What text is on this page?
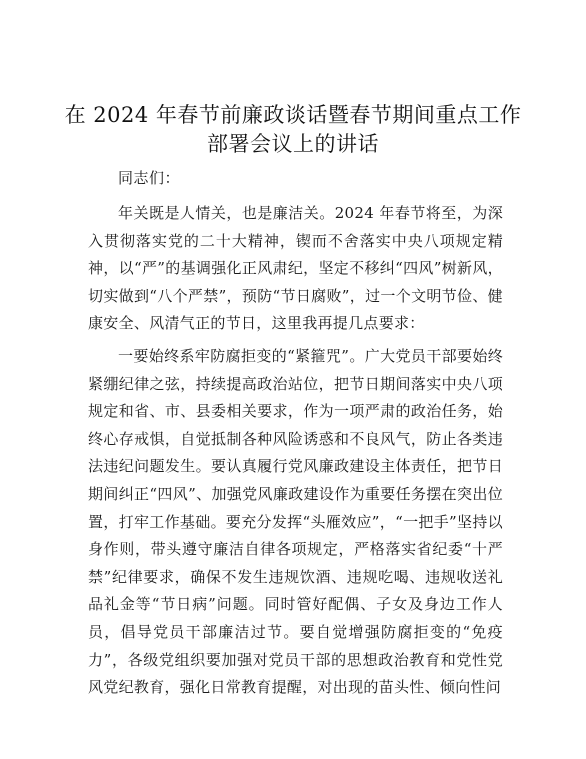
在 2024 年春节前廉政谈话暨春节期间重点工作
部署会议上的讲话
同志们：

年关既是人情关，也是廉洁关。2024 年春节将至，为深入贯彻落实党的二十大精神，锲而不舍落实中央八项规定精神，以“严”的基调强化正风肃纪，坚定不移纠“四风”树新风，切实做到“八个严禁”，预防“节日腐败”，过一个文明节俭、健康安全、风清气正的节日，这里我再提几点要求：

一要始终系牢防腐拒变的“紧箍咒”。广大党员干部要始终紧绷纪律之弦，持续提高政治站位，把节日期间落实中央八项规定和省、市、县委相关要求，作为一项严肃的政治任务，始终心存戒惧，自觉抵制各种风险诱惑和不良风气，防止各类违法违纪问题发生。要认真履行党风廉政建设主体责任，把节日期间纠正“四风”、加强党风廉政建设作为重要任务摆在突出位置，打牢工作基础。要充分发挥“头雁效应”，“一把手”坚持以身作则，带头遵守廉洁自律各项规定，严格落实省纪委“十严禁”纪律要求，确保不发生违规饮酒、违规吃喝、违规收送礼品礼金等“节日病”问题。同时管好配偶、子女及身边工作人员，倡导党员干部廉洁过节。要自觉增强防腐拒变的“免疫力”，各级党组织要加强对党员干部的思想政治教育和党性党风党纪教育，强化日常教育提醒，对出现的苗头性、倾向性问
